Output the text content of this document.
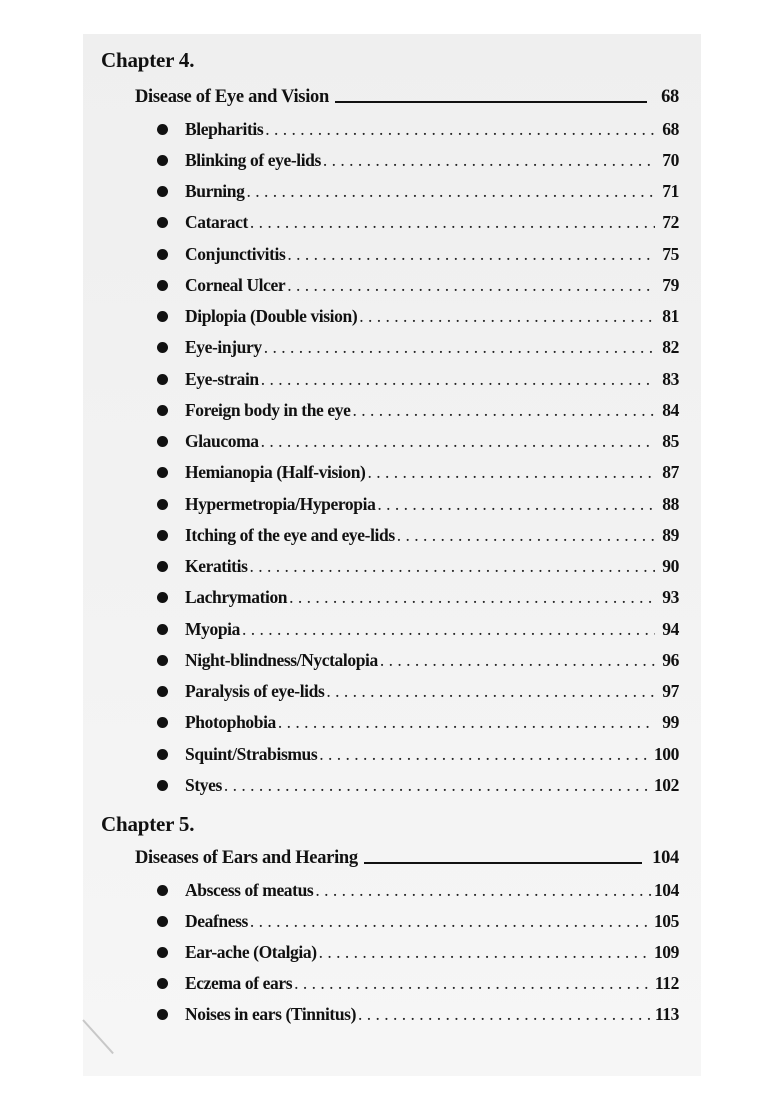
Chapter 4.
Disease of Eye and Vision	68
Blepharitis . . .	68
Blinking of eye-lids . . .	70
Burning . . .	71
Cataract . . .	72
Conjunctivitis . . .	75
Corneal Ulcer . . .	79
Diplopia (Double vision) . . .	81
Eye-injury . . .	82
Eye-strain . . .	83
Foreign body in the eye . . .	84
Glaucoma . . .	85
Hemianopia (Half-vision) . . .	87
Hypermetropia/Hyperopia . . .	88
Itching of the eye and eye-lids . . .	89
Keratitis . . .	90
Lachrymation . . .	93
Myopia . . .	94
Night-blindness/Nyctalopia . . .	96
Paralysis of eye-lids . . .	97
Photophobia . . .	99
Squint/Strabismus . . .	100
Styes . . .	102
Chapter 5.
Diseases of Ears and Hearing	104
Abscess of meatus . . .	104
Deafness . . .	105
Ear-ache (Otalgia) . . .	109
Eczema of ears . . .	112
Noises in ears (Tinnitus) . . .	113
